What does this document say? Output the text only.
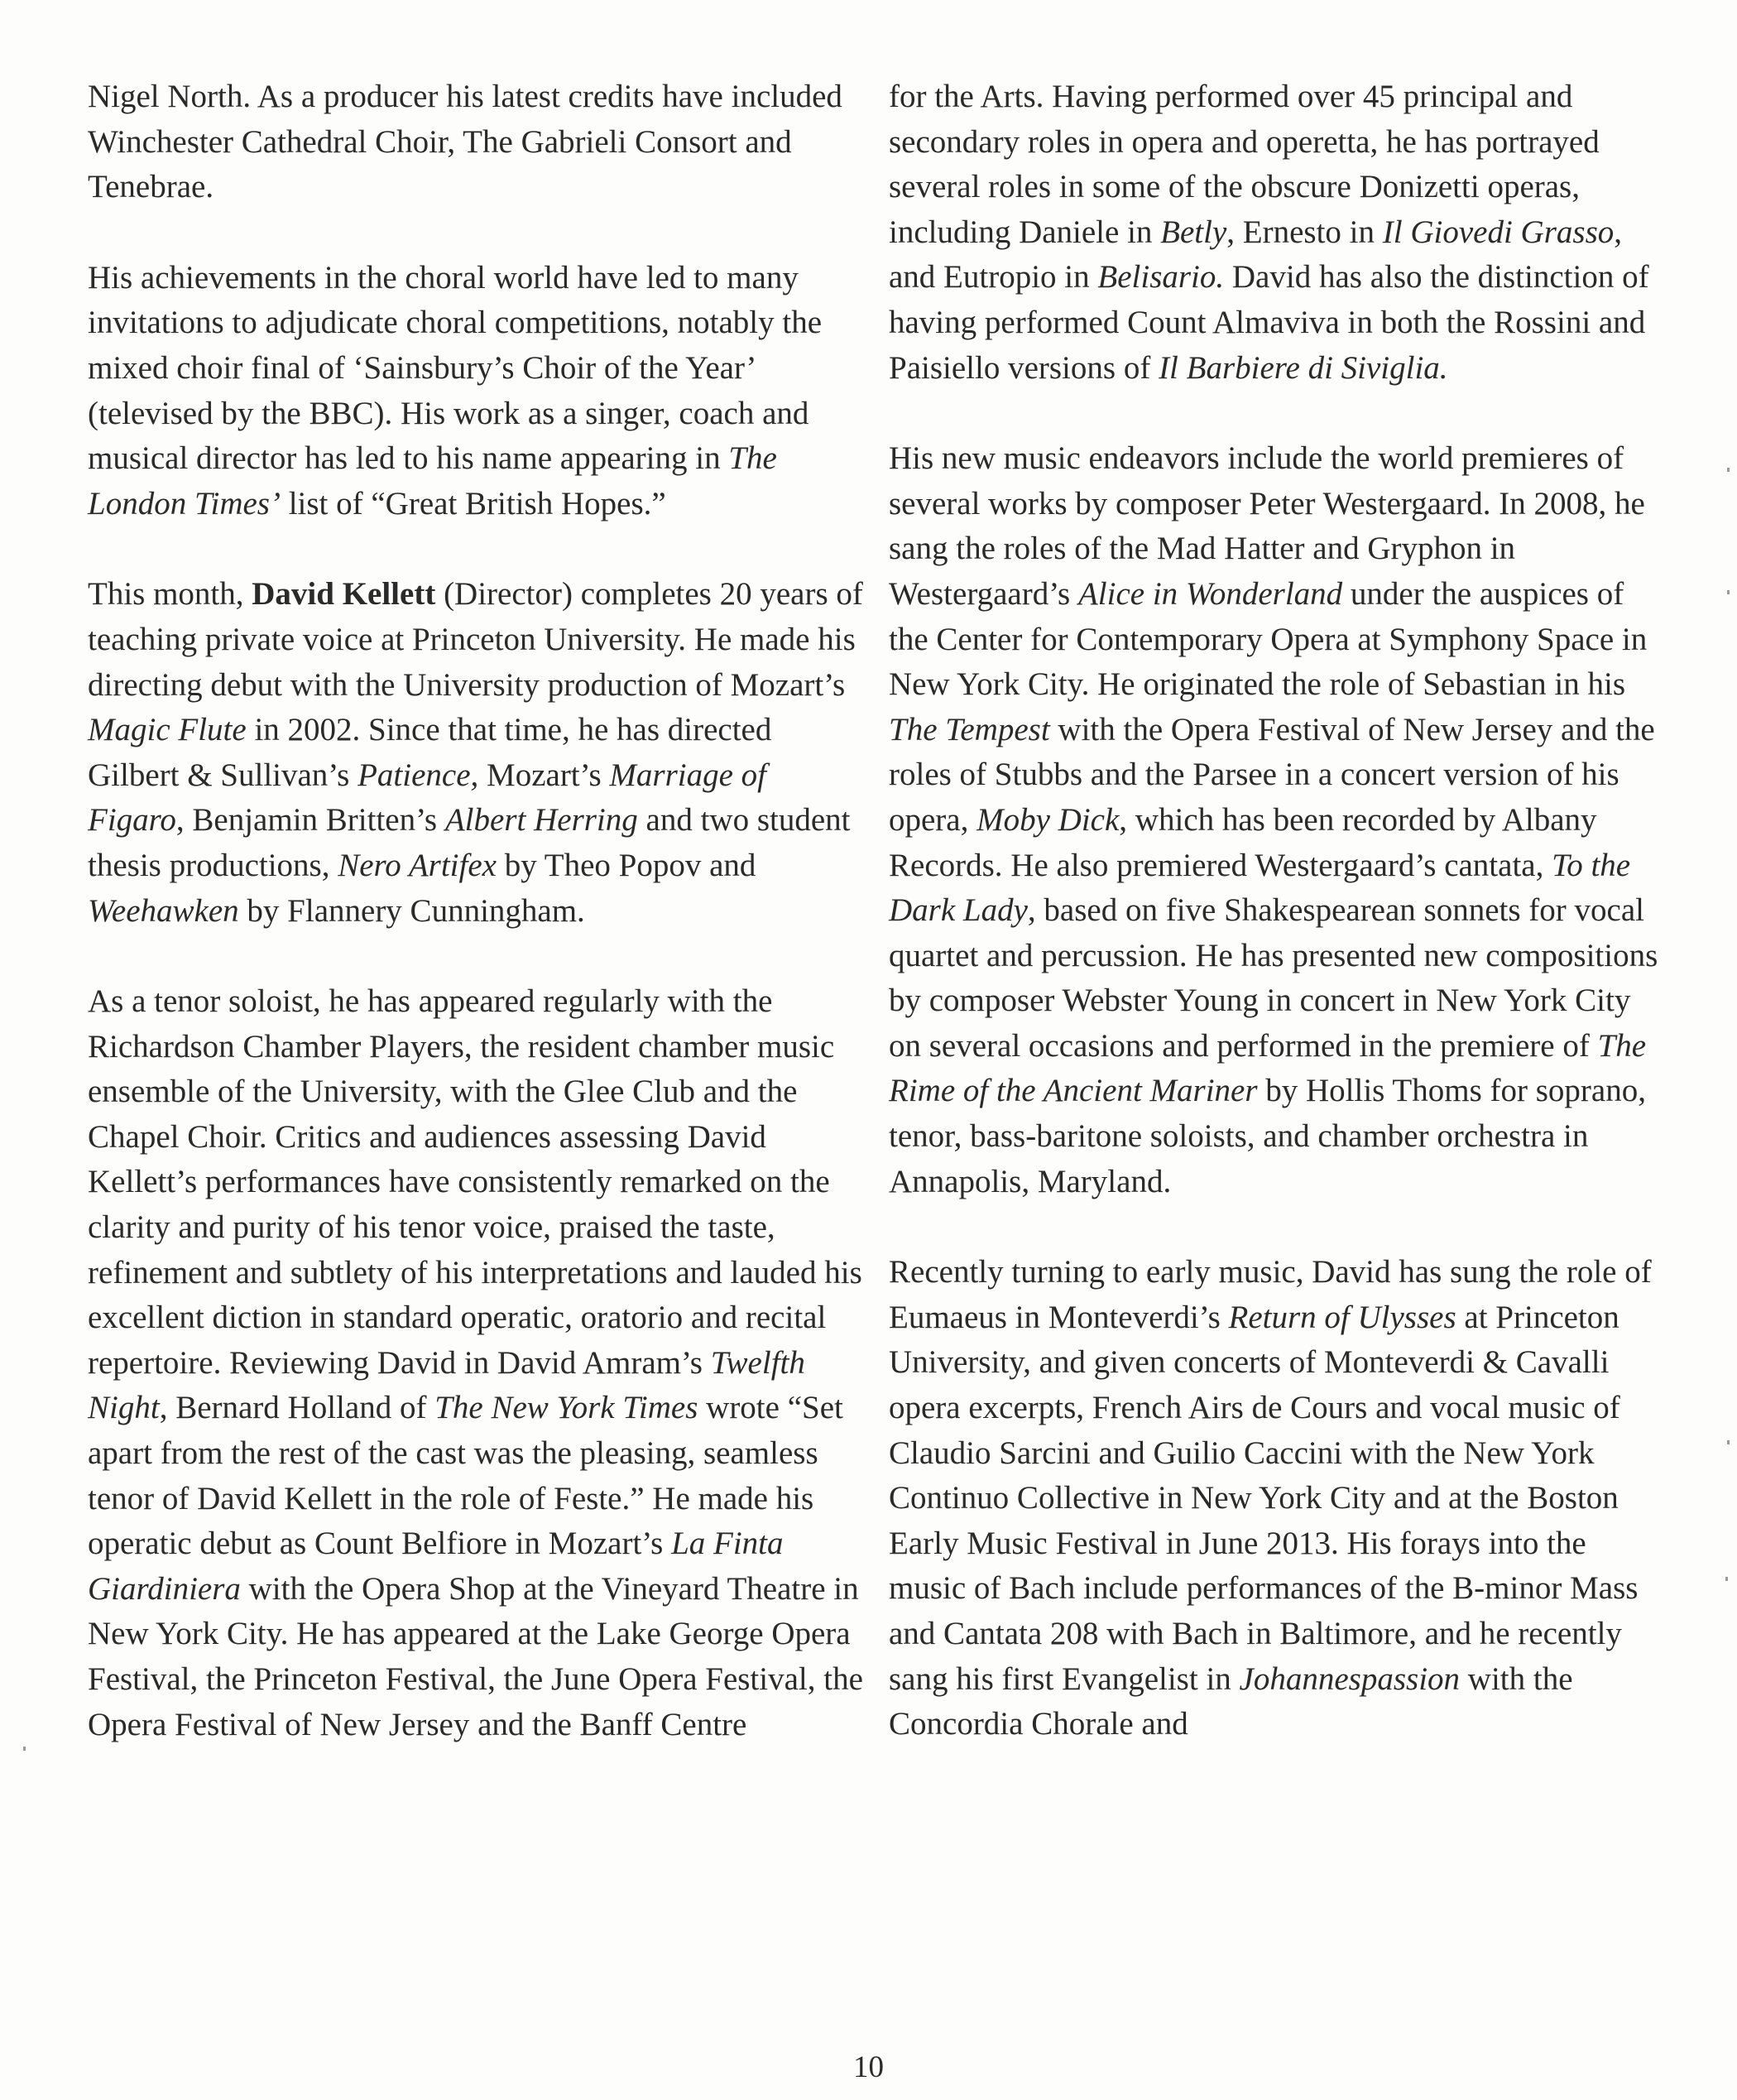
Nigel North. As a producer his latest credits have included Winchester Cathedral Choir, The Gabrieli Consort and Tenebrae.

His achievements in the choral world have led to many invitations to adjudicate choral competitions, notably the mixed choir final of ‘Sainsbury’s Choir of the Year’ (televised by the BBC). His work as a singer, coach and musical director has led to his name appearing in The London Times’ list of “Great British Hopes.”

This month, David Kellett (Director) completes 20 years of teaching private voice at Princeton University. He made his directing debut with the University production of Mozart’s Magic Flute in 2002. Since that time, he has directed Gilbert & Sullivan’s Patience, Mozart’s Marriage of Figaro, Benjamin Britten’s Albert Herring and two student thesis productions, Nero Artifex by Theo Popov and Weehawken by Flannery Cunningham.

As a tenor soloist, he has appeared regularly with the Richardson Chamber Players, the resident chamber music ensemble of the University, with the Glee Club and the Chapel Choir. Critics and audiences assessing David Kellett’s performances have consistently remarked on the clarity and purity of his tenor voice, praised the taste, refinement and subtlety of his interpretations and lauded his excellent diction in standard operatic, oratorio and recital repertoire. Reviewing David in David Amram’s Twelfth Night, Bernard Holland of The New York Times wrote “Set apart from the rest of the cast was the pleasing, seamless tenor of David Kellett in the role of Feste.” He made his operatic debut as Count Belfiore in Mozart’s La Finta Giardiniera with the Opera Shop at the Vineyard Theatre in New York City. He has appeared at the Lake George Opera Festival, the Princeton Festival, the June Opera Festival, the Opera Festival of New Jersey and the Banff Centre

for the Arts. Having performed over 45 principal and secondary roles in opera and operetta, he has portrayed several roles in some of the obscure Donizetti operas, including Daniele in Betly, Ernesto in Il Giovedi Grasso, and Eutropio in Belisario. David has also the distinction of having performed Count Almaviva in both the Rossini and Paisiello versions of Il Barbiere di Siviglia.

His new music endeavors include the world premieres of several works by composer Peter Westergaard. In 2008, he sang the roles of the Mad Hatter and Gryphon in Westergaard’s Alice in Wonderland under the auspices of the Center for Contemporary Opera at Symphony Space in New York City. He originated the role of Sebastian in his The Tempest with the Opera Festival of New Jersey and the roles of Stubbs and the Parsee in a concert version of his opera, Moby Dick, which has been recorded by Albany Records. He also premiered Westergaard’s cantata, To the Dark Lady, based on five Shakespearean sonnets for vocal quartet and percussion. He has presented new compositions by composer Webster Young in concert in New York City on several occasions and performed in the premiere of The Rime of the Ancient Mariner by Hollis Thoms for soprano, tenor, bass-baritone soloists, and chamber orchestra in Annapolis, Maryland.

Recently turning to early music, David has sung the role of Eumaeus in Monteverdi’s Return of Ulysses at Princeton University, and given concerts of Monteverdi & Cavalli opera excerpts, French Airs de Cours and vocal music of Claudio Sarcini and Guilio Caccini with the New York Continuo Collective in New York City and at the Boston Early Music Festival in June 2013. His forays into the music of Bach include performances of the B-minor Mass and Cantata 208 with Bach in Baltimore, and he recently sang his first Evangelist in Johannespassion with the Concordia Chorale and

10
